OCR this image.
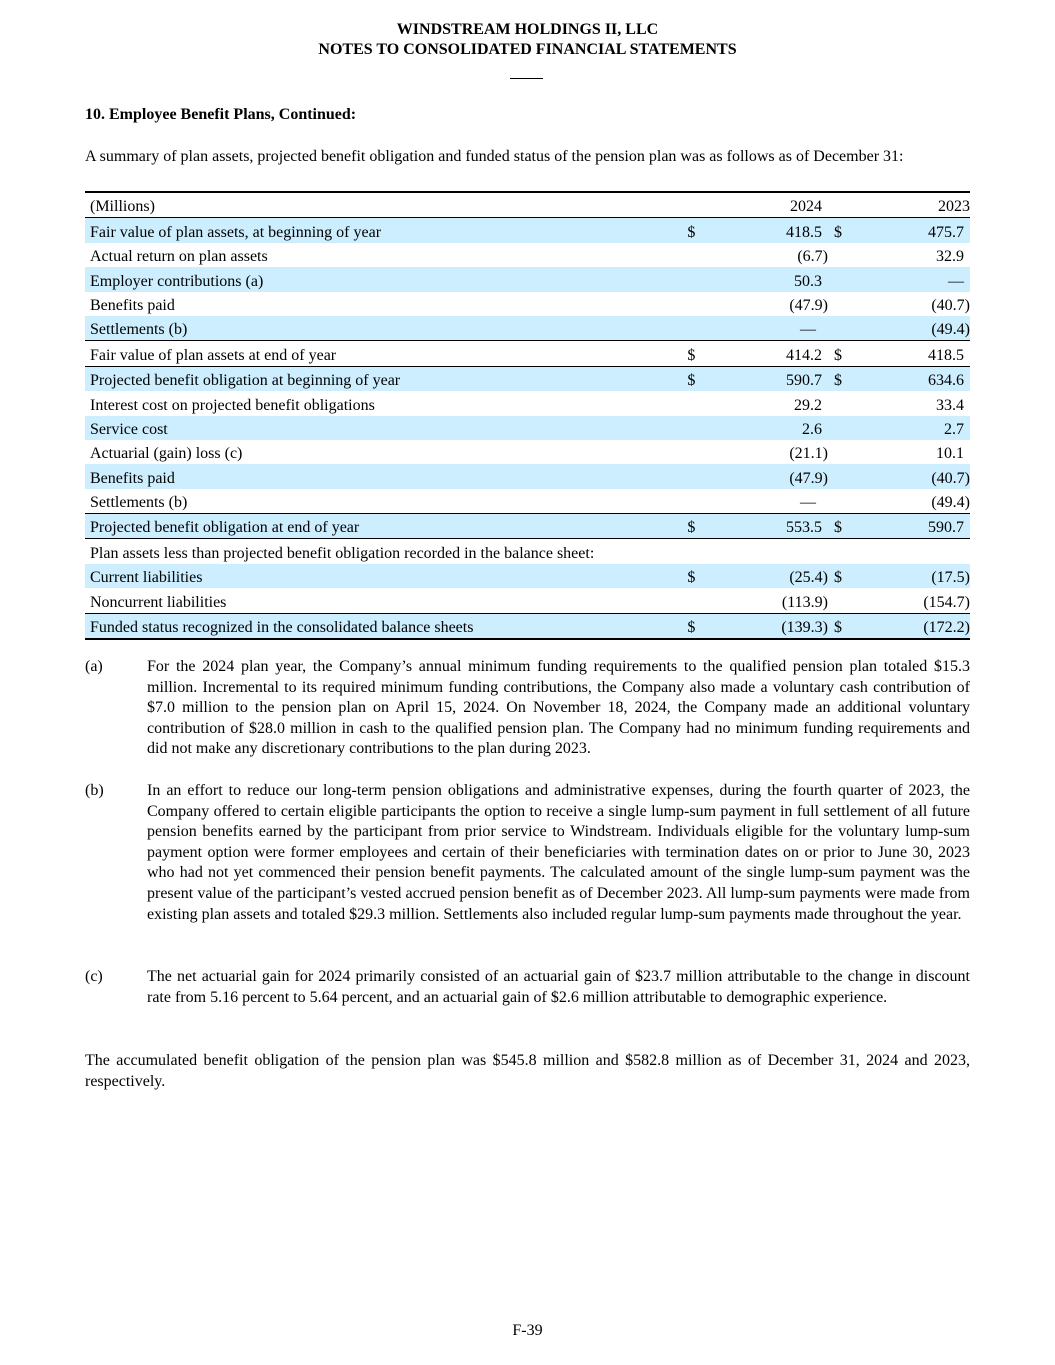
WINDSTREAM HOLDINGS II, LLC
NOTES TO CONSOLIDATED FINANCIAL STATEMENTS
10. Employee Benefit Plans, Continued:
A summary of plan assets, projected benefit obligation and funded status of the pension plan was as follows as of December 31:
(Millions)		2024		2023
Fair value of plan assets, at beginning of year	$	418.5	$	475.7
Actual return on plan assets		(6.7)		32.9
Employer contributions (a)		50.3		—
Benefits paid		(47.9)		(40.7)
Settlements (b)		—		(49.4)
Fair value of plan assets at end of year	$	414.2	$	418.5
Projected benefit obligation at beginning of year	$	590.7	$	634.6
Interest cost on projected benefit obligations		29.2		33.4
Service cost		2.6		2.7
Actuarial (gain) loss (c)		(21.1)		10.1
Benefits paid		(47.9)		(40.7)
Settlements (b)		—		(49.4)
Projected benefit obligation at end of year	$	553.5	$	590.7
Plan assets less than projected benefit obligation recorded in the balance sheet:				
Current liabilities	$	(25.4)	$	(17.5)
Noncurrent liabilities		(113.9)		(154.7)
Funded status recognized in the consolidated balance sheets	$	(139.3)	$	(172.2)
(a)	For the 2024 plan year, the Company’s annual minimum funding requirements to the qualified pension plan totaled $15.3 million. Incremental to its required minimum funding contributions, the Company also made a voluntary cash contribution of $7.0 million to the pension plan on April 15, 2024. On November 18, 2024, the Company made an additional voluntary contribution of $28.0 million in cash to the qualified pension plan. The Company had no minimum funding requirements and did not make any discretionary contributions to the plan during 2023.
(b)	In an effort to reduce our long-term pension obligations and administrative expenses, during the fourth quarter of 2023, the Company offered to certain eligible participants the option to receive a single lump-sum payment in full settlement of all future pension benefits earned by the participant from prior service to Windstream. Individuals eligible for the voluntary lump-sum payment option were former employees and certain of their beneficiaries with termination dates on or prior to June 30, 2023 who had not yet commenced their pension benefit payments. The calculated amount of the single lump-sum payment was the present value of the participant’s vested accrued pension benefit as of December 2023. All lump-sum payments were made from existing plan assets and totaled $29.3 million. Settlements also included regular lump-sum payments made throughout the year.
(c)	The net actuarial gain for 2024 primarily consisted of an actuarial gain of $23.7 million attributable to the change in discount rate from 5.16 percent to 5.64 percent, and an actuarial gain of $2.6 million attributable to demographic experience.
The accumulated benefit obligation of the pension plan was $545.8 million and $582.8 million as of December 31, 2024 and 2023, respectively.
F-39
